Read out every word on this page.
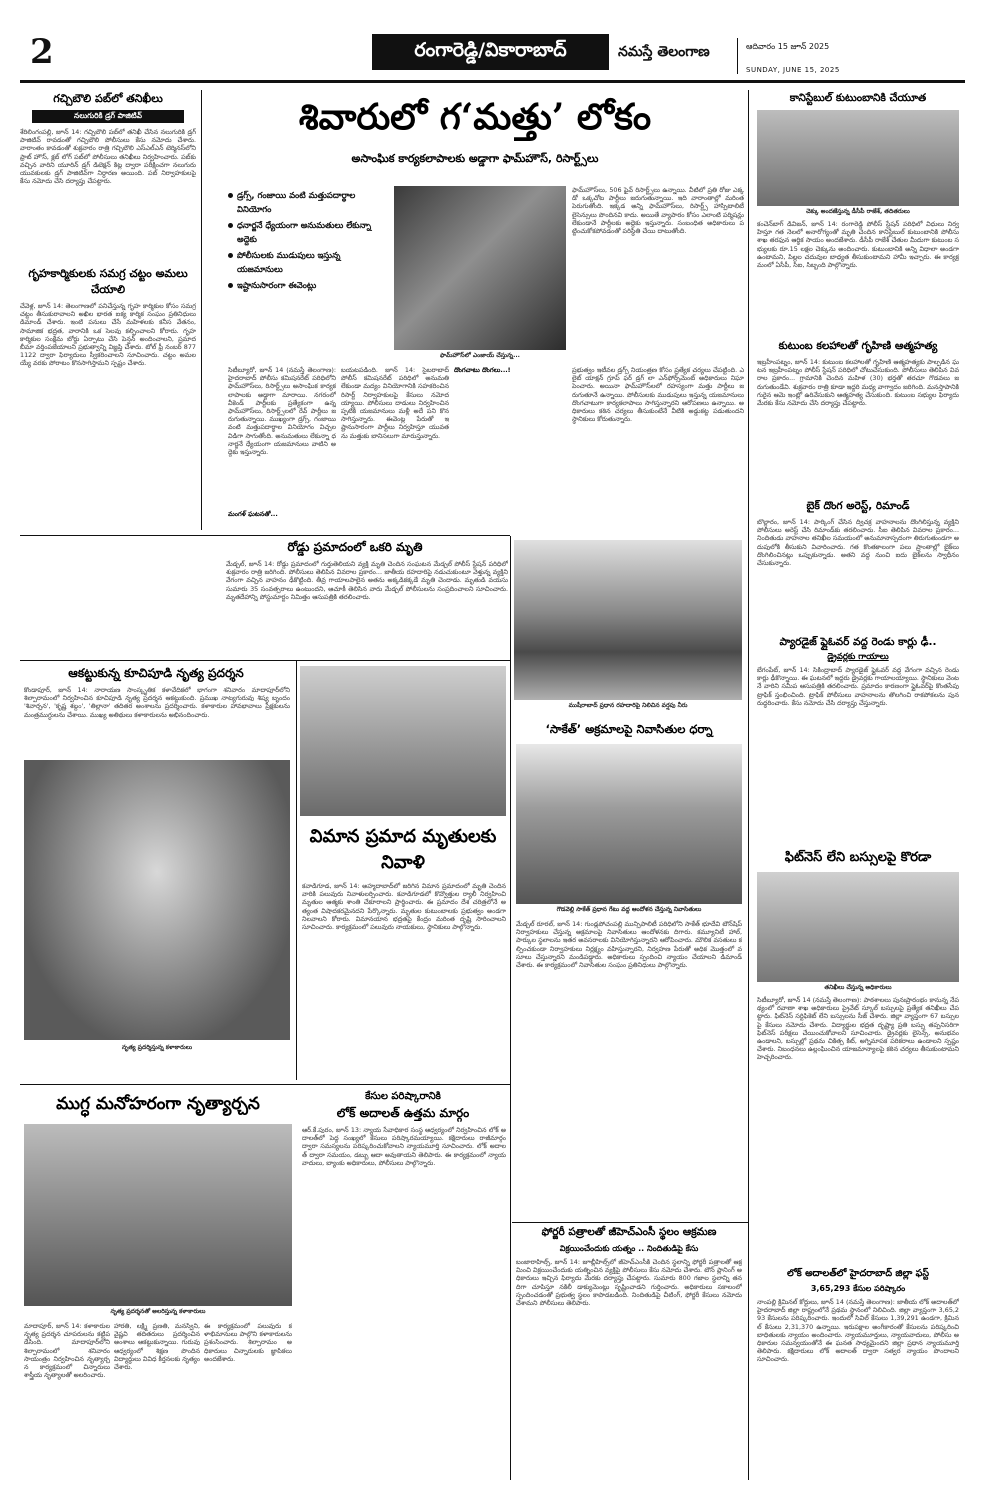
2	రంగారెడ్డి/వికారాబాద్	నమస్తే తెలంగాణ	ఆదివారం 15 జూన్ 2025
SUNDAY, JUNE 15, 2025
గచ్చిబౌలి పబ్‌లో తనిఖీలు
నలుగురికి డ్రగ్ పాజిటివ్
శేరిలింగంపల్లి, జూన్ 14: గచ్చిబౌలి పబ్‌లో తనిఖీ చేసిన నలుగురికి డ్రగ్ పాజిటివ్ రావడంతో గచ్చిబౌలి పోలీసులు కేసు నమోదు చేశారు. వారాంతం కావడంతో శుక్రవారం రాత్రి గచ్చిబౌలి ఎస్ఎల్ఎన్ టెర్మినస్‌లోని ఫ్రాట్ హౌస్, క్లబ్ లోగ్ పబ్‌లో పోలీసులు తనిఖీలు నిర్వహించారు. పబ్‌కు వచ్చిన వారిని యూరిన్ డ్రగ్ డిటెక్షన్ కిట్ల ద్వారా పరీక్షించగా నలుగురు యువకులకు డ్రగ్ పాజిటివ్‌గా నిర్ధారణ అయింది. పబ్ నిర్వాహకులపై కేసు నమోదు చేసి దర్యాప్తు చేపట్టారు.
గృహకార్మికులకు సమగ్ర చట్టం అమలు చేయాలి
చేవెళ్ల, జూన్ 14: తెలంగాణలో పనిచేస్తున్న గృహ కార్మికుల కోసం సమగ్ర చట్టం తీసుకురావాలని అఖిల భారత ఐక్య కార్మిక సంఘం ప్రతినిధులు డిమాండ్ చేశారు. ఇంటి పనులు చేసే మహిళలకు కనీస వేతనం, సామాజిక భద్రత, వారానికి ఒక సెలవు కల్పించాలని కోరారు. గృహ కార్మికుల సంక్షేమ బోర్డు ఏర్పాటు చేసి పెన్షన్ అందించాలని, ప్రమాద బీమా వర్తింపజేయాలని ప్రభుత్వాన్ని విజ్ఞప్తి చేశారు. టోల్ ఫ్రీ నంబర్ 8771122 ద్వారా ఫిర్యాదులు స్వీకరించాలని సూచించారు. చట్టం అమలయ్యే వరకు పోరాటం కొనసాగిస్తామని స్పష్టం చేశారు.
శివారులో గ‘మత్తు’ లోకం
అసాంఘిక కార్యకలాపాలకు అడ్డాగా ఫామ్‌హౌస్, రిసార్ట్స్‌లు
డ్రగ్స్, గంజాయి వంటి మత్తుపదార్థాల వినియోగం
ధనార్జనే ధ్యేయంగా అనుమతులు లేకున్నా అద్దెకు
పోలీసులకు ముడుపులు ఇస్తున్న యజమానులు
ఇష్టానుసారంగా ఈవెంట్లు
ఫామ్‌హౌస్‌లో ఎంజాయ్ చేస్తున్న...
సిటీబ్యూరో, జూన్ 14 (నమస్తే తెలంగాణ): హైదరాబాద్ పోలీసు కమిషనరేట్ పరిధిలోని ఫామ్‌హౌస్‌లు, రిసార్ట్స్‌లు అసాంఘిక కార్యకలాపాలకు అడ్డాగా మారాయి. నగరంలో వీకెండ్ పార్టీలకు ప్రత్యేకంగా ఉన్న ఫామ్‌హౌస్‌లు, రిసార్ట్స్‌లలో రేవ్ పార్టీలు జరుగుతున్నాయి. ముఖ్యంగా డ్రగ్స్, గంజాయి వంటి మత్తుపదార్థాల వినియోగం విచ్చలవిడిగా సాగుతోంది. అనుమతులు లేకున్నా ధనార్జనే ధ్యేయంగా యజమానులు వాటిని అద్దెకు ఇస్తున్నారు.
మంగళ్ ఘటనతో...
బయటపడింది. జూన్ 14: సైబరాబాద్ పోలీస్ కమిషనరేట్ పరిధిలో అనుమతి లేకుండా మద్యం వినియోగానికి సహకరించిన రిసార్ట్ నిర్వాహకులపై కేసులు నమోదయ్యాయి. పోలీసులు దాడులు నిర్వహించినప్పటికీ యజమానులు మళ్లీ అదే పని కొనసాగిస్తున్నారు. ఈవెంట్ల పేరుతో ఇష్టానుసారంగా పార్టీలు నిర్వహిస్తూ యువతను మత్తుకు బానిసలుగా మారుస్తున్నారు.
దొంగచాటు దొంగలు...!
ఫామ్‌హౌస్‌లు, 506 ఫైవ్ రిసార్ట్స్‌లు ఉన్నాయి. వీటిలో ప్రతి రోజు ఎక్కడో ఒక్కచోట పార్టీలు జరుగుతున్నాయి. ఇది వారాంతాల్లో మరింత పెరుగుతోంది. ఇక్కడ అన్ని ఫామ్‌హౌస్‌లు, రిసార్ట్స్ హాస్పిటాలిటీ లైసెన్సులు పొందినవి కాదు. అయితే వ్యాపారం కోసం ఎలాంటి పర్మిషన్లు లేకుండానే పార్టీలకు అద్దెకు ఇస్తున్నారు. సంబంధిత అధికారులు పట్టించుకోకపోవడంతో పరిస్థితి చేయి దాటుతోంది.
ప్రభుత్వం ఇటీవల డ్రగ్స్ నియంత్రణ కోసం ప్రత్యేక చర్యలు చేపట్టింది. ఎలైట్ యాక్షన్ గ్రూప్ ఫర్ డ్రగ్ లా ఎన్‌ఫోర్స్‌మెంట్ అధికారులు నిఘా పెంచారు. అయినా ఫామ్‌హౌస్‌లలో రహస్యంగా మత్తు పార్టీలు జరుగుతూనే ఉన్నాయి. పోలీసులకు ముడుపులు ఇస్తున్న యజమానులు దొంగచాటుగా కార్యకలాపాలు సాగిస్తున్నారని ఆరోపణలు ఉన్నాయి. అధికారులు కఠిన చర్యలు తీసుకుంటేనే వీటికి అడ్డుకట్ట పడుతుందని స్థానికులు కోరుతున్నారు.
కానిస్టేబుల్ కుటుంబానికి చేయూత
చెక్కు అందజేస్తున్న డీసీపీ రాజేశ్, తదితరులు
కంచెన్‌బాగ్ డివిజన్, జూన్ 14: రంగారెడ్డి పోలీస్ స్టేషన్ పరిధిలో విధులు నిర్వహిస్తూ గత నెలలో అనారోగ్యంతో మృతి చెందిన కానిస్టేబుల్ కుటుంబానికి పోలీసు శాఖ తరఫున ఆర్థిక సాయం అందజేశారు. డీసీపీ రాజేశ్ చేతుల మీదుగా కుటుంబ సభ్యులకు రూ.15 లక్షల చెక్కును అందించారు. కుటుంబానికి అన్ని విధాలా అండగా ఉంటామని, పిల్లల చదువుల బాధ్యత తీసుకుంటామని హామీ ఇచ్చారు. ఈ కార్యక్రమంలో ఏసీపీ, సీఐ, సిబ్బంది పాల్గొన్నారు.
కుటుంబ కలహాలతో గృహిణి ఆత్మహత్య
ఇబ్రహీంపట్నం, జూన్ 14: కుటుంబ కలహాలతో గృహిణి ఆత్మహత్యకు పాల్పడిన ఘటన ఇబ్రహీంపట్నం పోలీస్ స్టేషన్ పరిధిలో చోటుచేసుకుంది. పోలీసులు తెలిపిన వివరాల ప్రకారం... గ్రామానికి చెందిన మహిళ (30) భర్తతో తరచూ గొడవలు జరుగుతుండేవి. శుక్రవారం రాత్రి కూడా ఇద్దరి మధ్య వాగ్వాదం జరిగింది. మనస్తాపానికి గురైన ఆమె ఇంట్లో ఉరివేసుకుని ఆత్మహత్య చేసుకుంది. కుటుంబ సభ్యుల ఫిర్యాదు మేరకు కేసు నమోదు చేసి దర్యాప్తు చేపట్టారు.
బైక్ దొంగ అరెస్ట్, రిమాండ్
బొల్లారం, జూన్ 14: పార్కింగ్ చేసిన ద్విచక్ర వాహనాలను దొంగిలిస్తున్న వ్యక్తిని పోలీసులు అరెస్ట్ చేసి రిమాండ్‌కు తరలించారు. సీఐ తెలిపిన వివరాల ప్రకారం... నిందితుడు వాహనాల తనిఖీల సమయంలో అనుమానాస్పదంగా తిరుగుతుండగా అదుపులోకి తీసుకుని విచారించారు. గత కొంతకాలంగా పలు ప్రాంతాల్లో బైక్‌లు దొంగిలించినట్లు ఒప్పుకున్నాడు. అతని వద్ద నుంచి ఐదు బైక్‌లను స్వాధీనం చేసుకున్నారు.
ప్యారడైజ్ ఫ్లైఓవర్ వద్ద రెండు కార్లు ఢీ..
డ్రైవర్లకు గాయాలు
బేగంపేట్, జూన్ 14: సికింద్రాబాద్ ప్యారడైజ్ ఫ్లైఓవర్ వద్ద వేగంగా వచ్చిన రెండు కార్లు ఢీకొన్నాయి. ఈ ఘటనలో ఇద్దరు డ్రైవర్లకు గాయాలయ్యాయి. స్థానికులు వెంటనే వారిని సమీప ఆసుపత్రికి తరలించారు. ప్రమాదం కారణంగా ఫ్లైఓవర్‌పై కొంతసేపు ట్రాఫిక్ స్తంభించింది. ట్రాఫిక్ పోలీసులు వాహనాలను తొలగించి రాకపోకలను పునరుద్ధరించారు. కేసు నమోదు చేసి దర్యాప్తు చేస్తున్నారు.
ఫిట్‌నెస్ లేని బస్సులపై కొరడా
తనిఖీలు చేస్తున్న అధికారులు
సిటీబ్యూరో, జూన్ 14 (నమస్తే తెలంగాణ): పాఠశాలలు పునఃప్రారంభం కానున్న నేపథ్యంలో రవాణా శాఖ అధికారులు ప్రైవేట్ స్కూల్ బస్సులపై ప్రత్యేక తనిఖీలు చేపట్టారు. ఫిట్‌నెస్ సర్టిఫికెట్ లేని బస్సులను సీజ్ చేశారు. జిల్లా వ్యాప్తంగా 67 బస్సులపై కేసులు నమోదు చేశారు. విద్యార్థుల భద్రత దృష్ట్యా ప్రతి బస్సు తప్పనిసరిగా ఫిట్‌నెస్ పరీక్షలు చేయించుకోవాలని సూచించారు. డ్రైవర్లకు లైసెన్స్, అనుభవం ఉండాలని, బస్సుల్లో ప్రథమ చికిత్స కిట్, అగ్నిమాపక పరికరాలు ఉండాలని స్పష్టం చేశారు. నిబంధనలు ఉల్లంఘించిన యాజమాన్యాలపై కఠిన చర్యలు తీసుకుంటామని హెచ్చరించారు.
లోక్ అదాలత్‌లో హైదరాబాద్ జిల్లా ఫస్ట్
3,65,293 కేసుల పరిష్కారం
నాంపల్లి క్రిమినల్ కోర్టులు, జూన్ 14 (నమస్తే తెలంగాణ): జాతీయ లోక్ అదాలత్‌లో హైదరాబాద్ జిల్లా రాష్ట్రంలోనే ప్రథమ స్థానంలో నిలిచింది. జిల్లా వ్యాప్తంగా 3,65,293 కేసులను పరిష్కరించారు. ఇందులో సివిల్ కేసులు 1,39,291 ఉండగా, క్రిమినల్ కేసులు 2,31,370 ఉన్నాయి. ఇరుపక్షాల అంగీకారంతో కేసులను పరిష్కరించి బాధితులకు న్యాయం అందించారు. న్యాయమూర్తులు, న్యాయవాదులు, పోలీసు అధికారుల సమన్వయంతోనే ఈ ఘనత సాధ్యమైందని జిల్లా ప్రధాన న్యాయమూర్తి తెలిపారు. కక్షిదారులు లోక్ అదాలత్ ద్వారా సత్వర న్యాయం పొందాలని సూచించారు.
రోడ్డు ప్రమాదంలో ఒకరి మృతి
మేడ్చల్, జూన్ 14: రోడ్డు ప్రమాదంలో గుర్తుతెలియని వ్యక్తి మృతి చెందిన సంఘటన మేడ్చల్ పోలీస్ స్టేషన్ పరిధిలో శుక్రవారం రాత్రి జరిగింది. పోలీసులు తెలిపిన వివరాల ప్రకారం... జాతీయ రహదారిపై నడుచుకుంటూ వెళ్తున్న వ్యక్తిని వేగంగా వచ్చిన వాహనం ఢీకొట్టింది. తీవ్ర గాయాలపాలైన అతను అక్కడికక్కడే మృతి చెందాడు. మృతుడి వయసు సుమారు 35 సంవత్సరాలు ఉంటుందని, ఆచూకీ తెలిసిన వారు మేడ్చల్ పోలీసులను సంప్రదించాలని సూచించారు. మృతదేహాన్ని పోస్టుమార్టం నిమిత్తం ఆసుపత్రికి తరలించారు.
ముషీరాబాద్ ప్రధాన రహదారిపై నిలిచిన వర్షపు నీరు
ఆకట్టుకున్న కూచిపూడి నృత్య ప్రదర్శన
కొండాపూర్, జూన్ 14: నారాయణ సాంస్కృతిక కళావేదికలో భాగంగా శనివారం మాదాపూర్‌లోని శిల్పారామంలో నిర్వహించిన కూచిపూడి నృత్య ప్రదర్శన ఆకట్టుకుంది. ప్రముఖ నాట్యగురువు శిష్య బృందం 'శివార్చన', 'కృష్ణ శబ్దం', 'తిల్లానా' తదితర అంశాలను ప్రదర్శించారు. కళాకారుల హావభావాలు ప్రేక్షకులను మంత్రముగ్ధులను చేశాయి. ముఖ్య అతిథులు కళాకారులను అభినందించారు.
నృత్య ప్రదర్శిస్తున్న కళాకారులు
విమాన ప్రమాద మృతులకు నివాళి
కవాడిగూడ, జూన్ 14: అహ్మదాబాద్‌లో జరిగిన విమాన ప్రమాదంలో మృతి చెందిన వారికి పలువురు నివాళులర్పించారు. కవాడిగూడలో కొవ్వొత్తుల ర్యాలీ నిర్వహించి మృతుల ఆత్మకు శాంతి చేకూరాలని ప్రార్థించారు. ఈ ప్రమాదం దేశ చరిత్రలోనే అత్యంత విషాదకరమైనదని పేర్కొన్నారు. మృతుల కుటుంబాలకు ప్రభుత్వం అండగా నిలవాలని కోరారు. విమానయాన భద్రతపై కేంద్రం మరింత దృష్టి సారించాలని సూచించారు. కార్యక్రమంలో పలువురు నాయకులు, స్థానికులు పాల్గొన్నారు.
ముగ్ధ మనోహరంగా నృత్యార్చన
నృత్య ప్రదర్శనతో అలరిస్తున్న కళాకారులు
మాదాపూర్, జూన్ 14: కళాకారుల నృత్య ప్రదర్శన చూపరులను కట్టిపడేసింది. మాదాపూర్‌లోని శిల్పారామంలో శనివారం సాయంత్రం నిర్వహించిన నృత్యార్చన కార్యక్రమంలో చిన్నారులు శాస్త్రీయ నృత్యాలతో అలరించారు.
హారతి, లక్ష్మి ప్రణతి, మనస్విని, వైష్ణవి తదితరులు ప్రదర్శించిన అంశాలు ఆకట్టుకున్నాయి. గురువు ఆధ్వర్యంలో శిక్షణ పొందిన విద్యార్థులు వివిధ కీర్తనలకు నృత్యం చేశారు.
ఈ కార్యక్రమంలో పలువురు కళాభిమానులు పాల్గొని కళాకారులను ప్రశంసించారు. శిల్పారామం అధికారులు చిన్నారులకు జ్ఞాపికలు అందజేశారు.
కేసుల పరిష్కారానికి
లోక్ అదాలత్ ఉత్తమ మార్గం
ఆర్.కే.పురం, జూన్ 13: న్యాయ సేవాధికార సంస్థ ఆధ్వర్యంలో నిర్వహించిన లోక్ అదాలత్‌లో పెద్ద సంఖ్యలో కేసులు పరిష్కారమయ్యాయి. కక్షిదారులు రాజీమార్గం ద్వారా సమస్యలను పరిష్కరించుకోవాలని న్యాయమూర్తి సూచించారు. లోక్ అదాలత్ ద్వారా సమయం, డబ్బు ఆదా అవుతాయని తెలిపారు. ఈ కార్యక్రమంలో న్యాయవాదులు, బ్యాంకు అధికారులు, పోలీసులు పాల్గొన్నారు.
‘సాకేత్’ అక్రమాలపై నివాసితుల ధర్నా
గౌడవెల్లి సాకేత్ ప్రధాన గేటు వద్ద ఆందోళన చేస్తున్న నివాసితులు
మేడ్చల్ రూరల్, జూన్ 14: గుండ్లపోచంపల్లి మున్సిపాలిటీ పరిధిలోని సాకేత్ భూదేవి టౌన్‌షిప్ నిర్వాహకులు చేస్తున్న అక్రమాలపై నివాసితులు ఆందోళనకు దిగారు. కమ్యూనిటీ హాల్, పార్కుల స్థలాలను ఇతర అవసరాలకు వినియోగిస్తున్నారని ఆరోపించారు. మౌలిక వసతులు కల్పించకుండా నిర్వాహకులు నిర్లక్ష్యం వహిస్తున్నారని, నిర్వహణ పేరుతో అధిక మొత్తంలో వసూలు చేస్తున్నారని మండిపడ్డారు. అధికారులు స్పందించి న్యాయం చేయాలని డిమాండ్ చేశారు. ఈ కార్యక్రమంలో నివాసితుల సంఘం ప్రతినిధులు పాల్గొన్నారు.
ఫోర్జరీ పత్రాలతో జీహెచ్ఎంసీ స్థలం ఆక్రమణ
విక్రయించేందుకు యత్నం .. నిందితుడిపై కేసు
బంజారాహిల్స్, జూన్ 14: జూబ్లీహిల్స్‌లో జీహెచ్ఎంసీకి చెందిన స్థలాన్ని ఫోర్జరీ పత్రాలతో ఆక్రమించి విక్రయించేందుకు యత్నించిన వ్యక్తిపై పోలీసులు కేసు నమోదు చేశారు. టౌన్ ప్లానింగ్ అధికారులు ఇచ్చిన ఫిర్యాదు మేరకు దర్యాప్తు చేపట్టారు. సుమారు 800 గజాల స్థలాన్ని తనదిగా చూపిస్తూ నకిలీ డాక్యుమెంట్లు సృష్టించాడని గుర్తించారు. అధికారులు సకాలంలో స్పందించడంతో ప్రభుత్వ స్థలం కాపాడబడింది. నిందితుడిపై చీటింగ్, ఫోర్జరీ కేసులు నమోదు చేశామని పోలీసులు తెలిపారు.
